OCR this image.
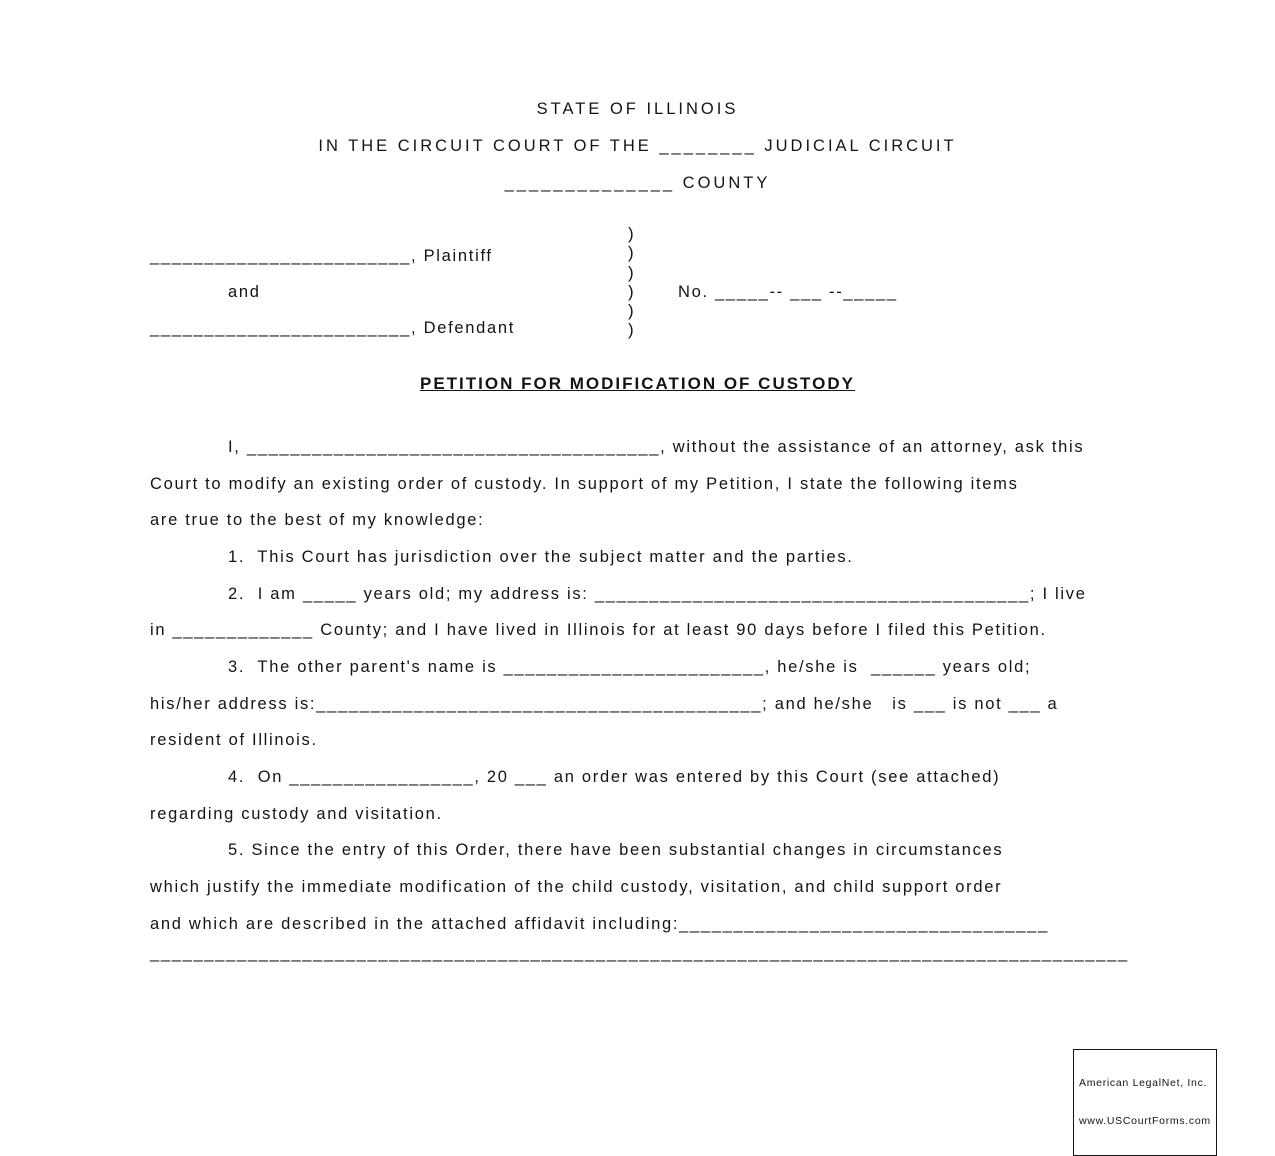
STATE OF ILLINOIS
IN THE CIRCUIT COURT OF THE ________ JUDICIAL CIRCUIT
______________ COUNTY
________________________, Plaintiff
and
________________________, Defendant
)
)
)
)
)
)
No. _____-- ___ --_____
PETITION FOR MODIFICATION OF CUSTODY
I, ______________________________________, without the assistance of an attorney, ask this
Court to modify an existing order of custody. In support of my Petition, I state the following items
are true to the best of my knowledge:
1.  This Court has jurisdiction over the subject matter and the parties.
2.  I am _____ years old; my address is: ________________________________________; I live
in _____________ County; and I have lived in Illinois for at least 90 days before I filed this Petition.
3.  The other parent's name is ________________________, he/she is  ______ years old;
his/her address is:_________________________________________; and he/she   is ___ is not ___ a
resident of Illinois.
4.  On _________________, 20 ___ an order was entered by this Court (see attached)
regarding custody and visitation.
5. Since the entry of this Order, there have been substantial changes in circumstances
which justify the immediate modification of the child custody, visitation, and child support order
and which are described in the attached affidavit including:__________________________________
__________________________________________________________________________________________

American LegalNet, Inc.

www.USCourtForms.com
